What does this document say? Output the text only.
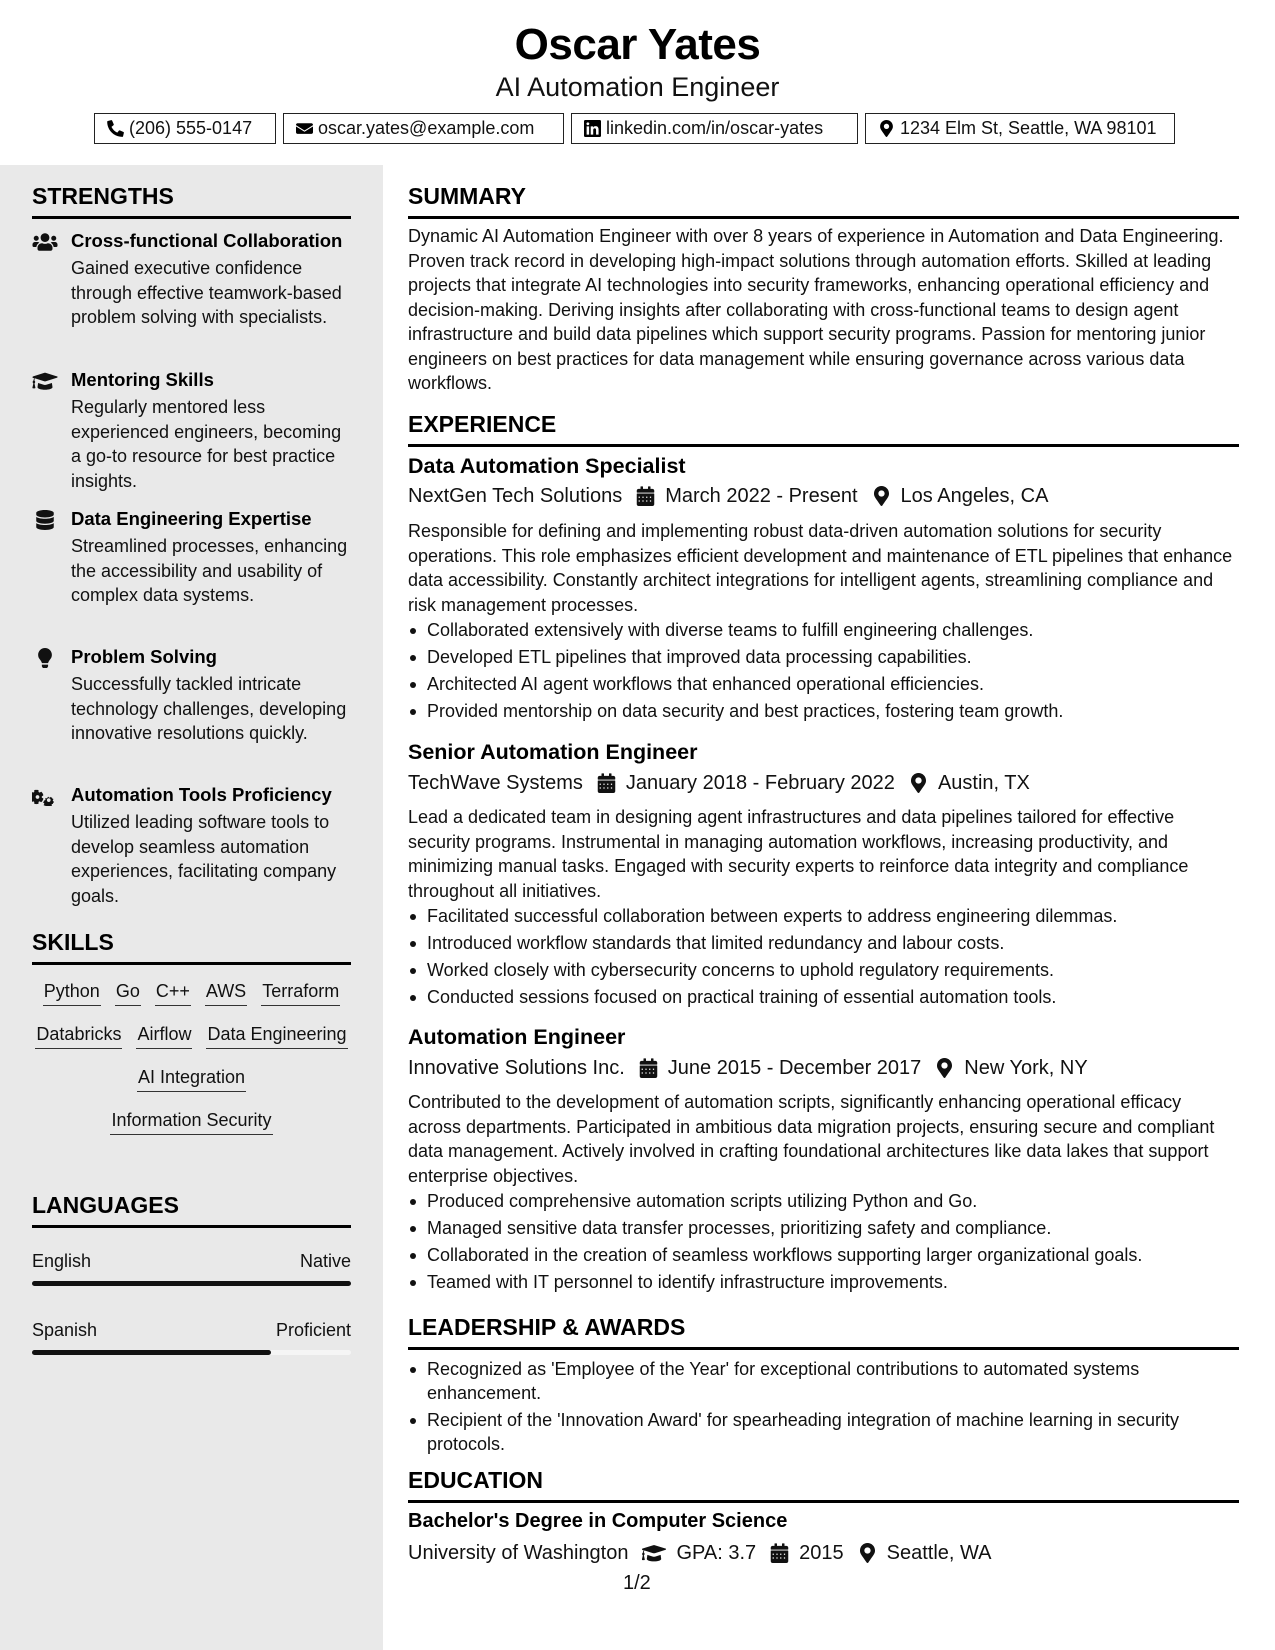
Oscar Yates
AI Automation Engineer
(206) 555-0147	oscar.yates@example.com	linkedin.com/in/oscar-yates	1234 Elm St, Seattle, WA 98101
STRENGTHS
Cross-functional Collaboration
Gained executive confidence through effective teamwork-based problem solving with specialists.
Mentoring Skills
Regularly mentored less experienced engineers, becoming a go-to resource for best practice insights.
Data Engineering Expertise
Streamlined processes, enhancing the accessibility and usability of complex data systems.
Problem Solving
Successfully tackled intricate technology challenges, developing innovative resolutions quickly.
Automation Tools Proficiency
Utilized leading software tools to develop seamless automation experiences, facilitating company goals.
SKILLS
Python Go C++ AWS Terraform
Databricks Airflow Data Engineering
AI Integration
Information Security
LANGUAGES
English	Native
Spanish	Proficient
SUMMARY
Dynamic AI Automation Engineer with over 8 years of experience in Automation and Data Engineering. Proven track record in developing high-impact solutions through automation efforts. Skilled at leading projects that integrate AI technologies into security frameworks, enhancing operational efficiency and decision-making. Deriving insights after collaborating with cross-functional teams to design agent infrastructure and build data pipelines which support security programs. Passion for mentoring junior engineers on best practices for data management while ensuring governance across various data workflows.
EXPERIENCE
Data Automation Specialist
NextGen Tech Solutions March 2022 - Present Los Angeles, CA
Responsible for defining and implementing robust data-driven automation solutions for security operations. This role emphasizes efficient development and maintenance of ETL pipelines that enhance data accessibility. Constantly architect integrations for intelligent agents, streamlining compliance and risk management processes.
Collaborated extensively with diverse teams to fulfill engineering challenges.
Developed ETL pipelines that improved data processing capabilities.
Architected AI agent workflows that enhanced operational efficiencies.
Provided mentorship on data security and best practices, fostering team growth.
Senior Automation Engineer
TechWave Systems January 2018 - February 2022 Austin, TX
Lead a dedicated team in designing agent infrastructures and data pipelines tailored for effective security programs. Instrumental in managing automation workflows, increasing productivity, and minimizing manual tasks. Engaged with security experts to reinforce data integrity and compliance throughout all initiatives.
Facilitated successful collaboration between experts to address engineering dilemmas.
Introduced workflow standards that limited redundancy and labour costs.
Worked closely with cybersecurity concerns to uphold regulatory requirements.
Conducted sessions focused on practical training of essential automation tools.
Automation Engineer
Innovative Solutions Inc. June 2015 - December 2017 New York, NY
Contributed to the development of automation scripts, significantly enhancing operational efficacy across departments. Participated in ambitious data migration projects, ensuring secure and compliant data management. Actively involved in crafting foundational architectures like data lakes that support enterprise objectives.
Produced comprehensive automation scripts utilizing Python and Go.
Managed sensitive data transfer processes, prioritizing safety and compliance.
Collaborated in the creation of seamless workflows supporting larger organizational goals.
Teamed with IT personnel to identify infrastructure improvements.
LEADERSHIP & AWARDS
Recognized as 'Employee of the Year' for exceptional contributions to automated systems enhancement.
Recipient of the 'Innovation Award' for spearheading integration of machine learning in security protocols.
EDUCATION
Bachelor's Degree in Computer Science
University of Washington GPA: 3.7 2015 Seattle, WA
1/2
